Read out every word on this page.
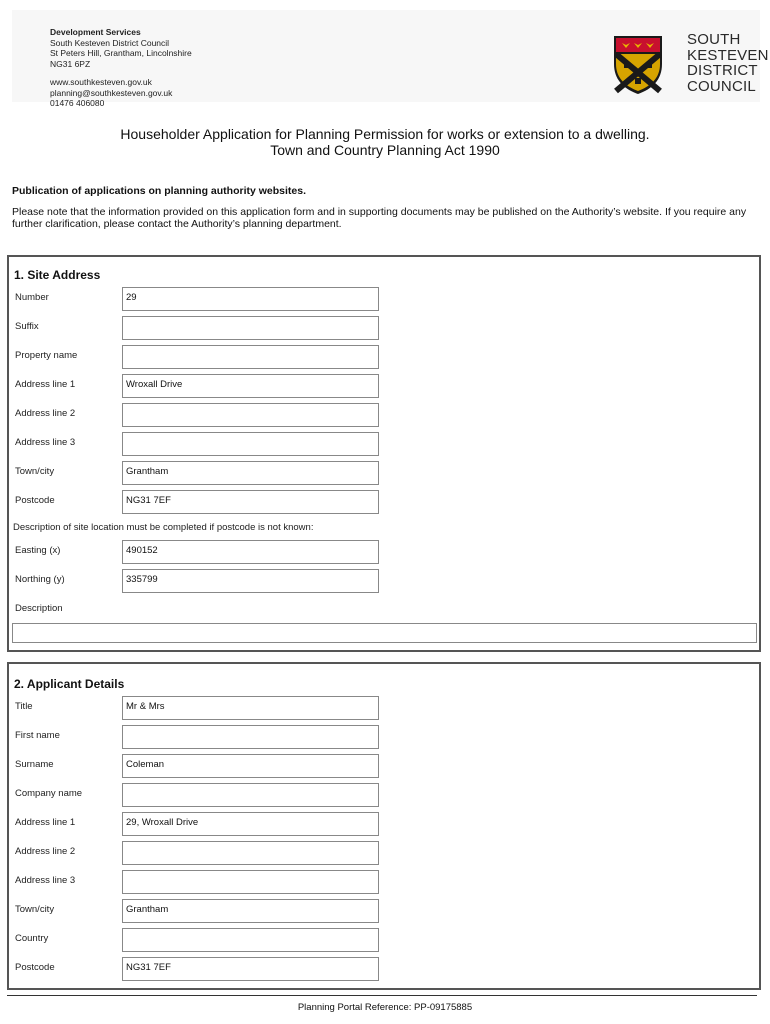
Development Services
South Kesteven District Council
St Peters Hill, Grantham, Lincolnshire
NG31 6PZ
www.southkesteven.gov.uk
planning@southkesteven.gov.uk
01476 406080
SOUTH
KESTEVEN
DISTRICT
COUNCIL
Householder Application for Planning Permission for works or extension to a dwelling.
Town and Country Planning Act 1990
Publication of applications on planning authority websites.
Please note that the information provided on this application form and in supporting documents may be published on the Authority’s website. If you require any further clarification, please contact the Authority’s planning department.
1. Site Address
Number	29
Suffix
Property name
Address line 1	Wroxall Drive
Address line 2
Address line 3
Town/city	Grantham
Postcode	NG31 7EF
Description of site location must be completed if postcode is not known:
Easting (x)	490152
Northing (y)	335799
Description
2. Applicant Details
Title	Mr & Mrs
First name
Surname	Coleman
Company name
Address line 1	29, Wroxall Drive
Address line 2
Address line 3
Town/city	Grantham
Country
Postcode	NG31 7EF
Planning Portal Reference: PP-09175885
